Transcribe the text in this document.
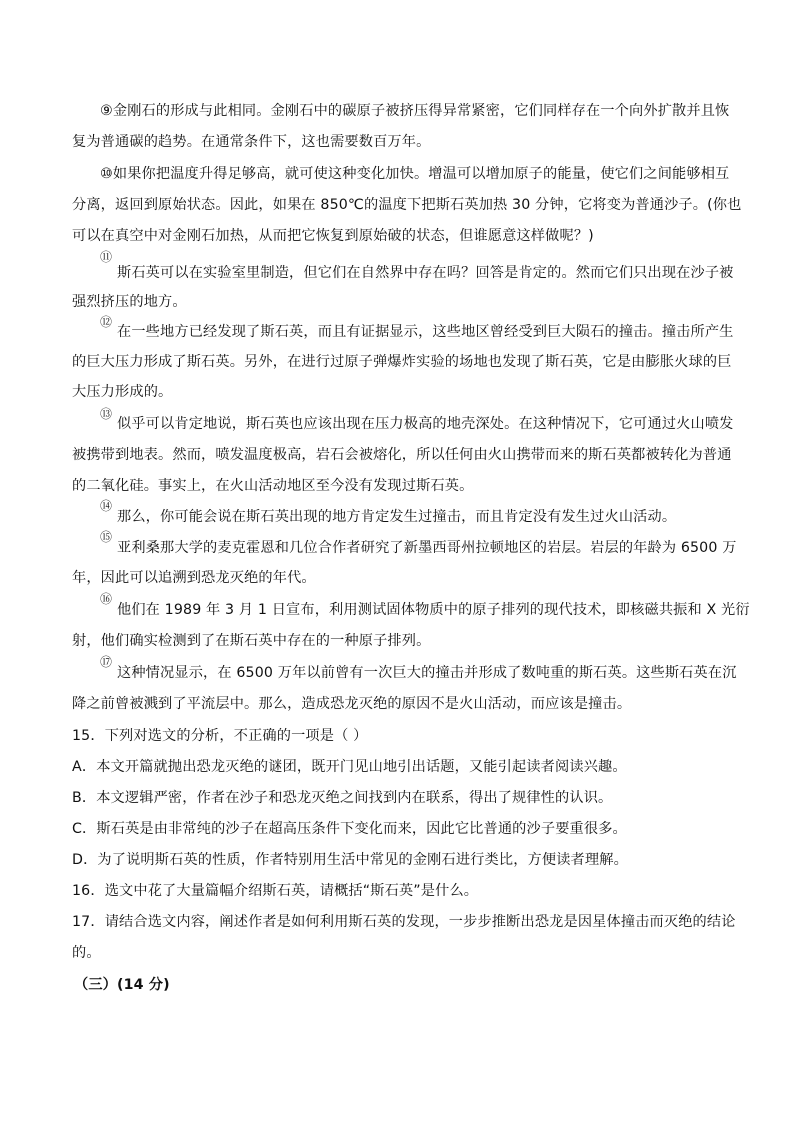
⑨金刚石的形成与此相同。金刚石中的碳原子被挤压得异常紧密，它们同样存在一个向外扩散并且恢
复为普通碳的趋势。在通常条件下，这也需要数百万年。
⑩如果你把温度升得足够高，就可使这种变化加快。增温可以增加原子的能量，使它们之间能够相互
分离，返回到原始状态。因此，如果在 850℃的温度下把斯石英加热 30 分钟，它将变为普通沙子。(你也
可以在真空中对金刚石加热，从而把它恢复到原始破的状态，但谁愿意这样做呢？)
⑪
斯石英可以在实验室里制造，但它们在自然界中存在吗？回答是肯定的。然而它们只出现在沙子被
强烈挤压的地方。
⑫
在一些地方已经发现了斯石英，而且有证据显示，这些地区曾经受到巨大陨石的撞击。撞击所产生
的巨大压力形成了斯石英。另外，在进行过原子弹爆炸实验的场地也发现了斯石英，它是由膨胀火球的巨
大压力形成的。
⑬
似乎可以肯定地说，斯石英也应该出现在压力极高的地壳深处。在这种情况下，它可通过火山喷发
被携带到地表。然而，喷发温度极高，岩石会被熔化，所以任何由火山携带而来的斯石英都被转化为普通
的二氧化硅。事实上，在火山活动地区至今没有发现过斯石英。
⑭
那么，你可能会说在斯石英出现的地方肯定发生过撞击，而且肯定没有发生过火山活动。
⑮
亚利桑那大学的麦克霍恩和几位合作者研究了新墨西哥州拉顿地区的岩层。岩层的年龄为 6500 万
年，因此可以追溯到恐龙灭绝的年代。
⑯
他们在 1989 年 3 月 1 日宣布，利用测试固体物质中的原子排列的现代技术，即核磁共振和 X 光衍
射，他们确实检测到了在斯石英中存在的一种原子排列。
⑰
这种情况显示，在 6500 万年以前曾有一次巨大的撞击并形成了数吨重的斯石英。这些斯石英在沉
降之前曾被溅到了平流层中。那么，造成恐龙灭绝的原因不是火山活动，而应该是撞击。
15．下列对选文的分析，不正确的一项是（ ）
A．本文开篇就抛出恐龙灭绝的谜团，既开门见山地引出话题，又能引起读者阅读兴趣。
B．本文逻辑严密，作者在沙子和恐龙灭绝之间找到内在联系，得出了规律性的认识。
C．斯石英是由非常纯的沙子在超高压条件下变化而来，因此它比普通的沙子要重很多。
D．为了说明斯石英的性质，作者特别用生活中常见的金刚石进行类比，方便读者理解。
16．选文中花了大量篇幅介绍斯石英，请概括“斯石英”是什么。
17．请结合选文内容，阐述作者是如何利用斯石英的发现，一步步推断出恐龙是因星体撞击而灭绝的结论
的。
（三）(14 分)
